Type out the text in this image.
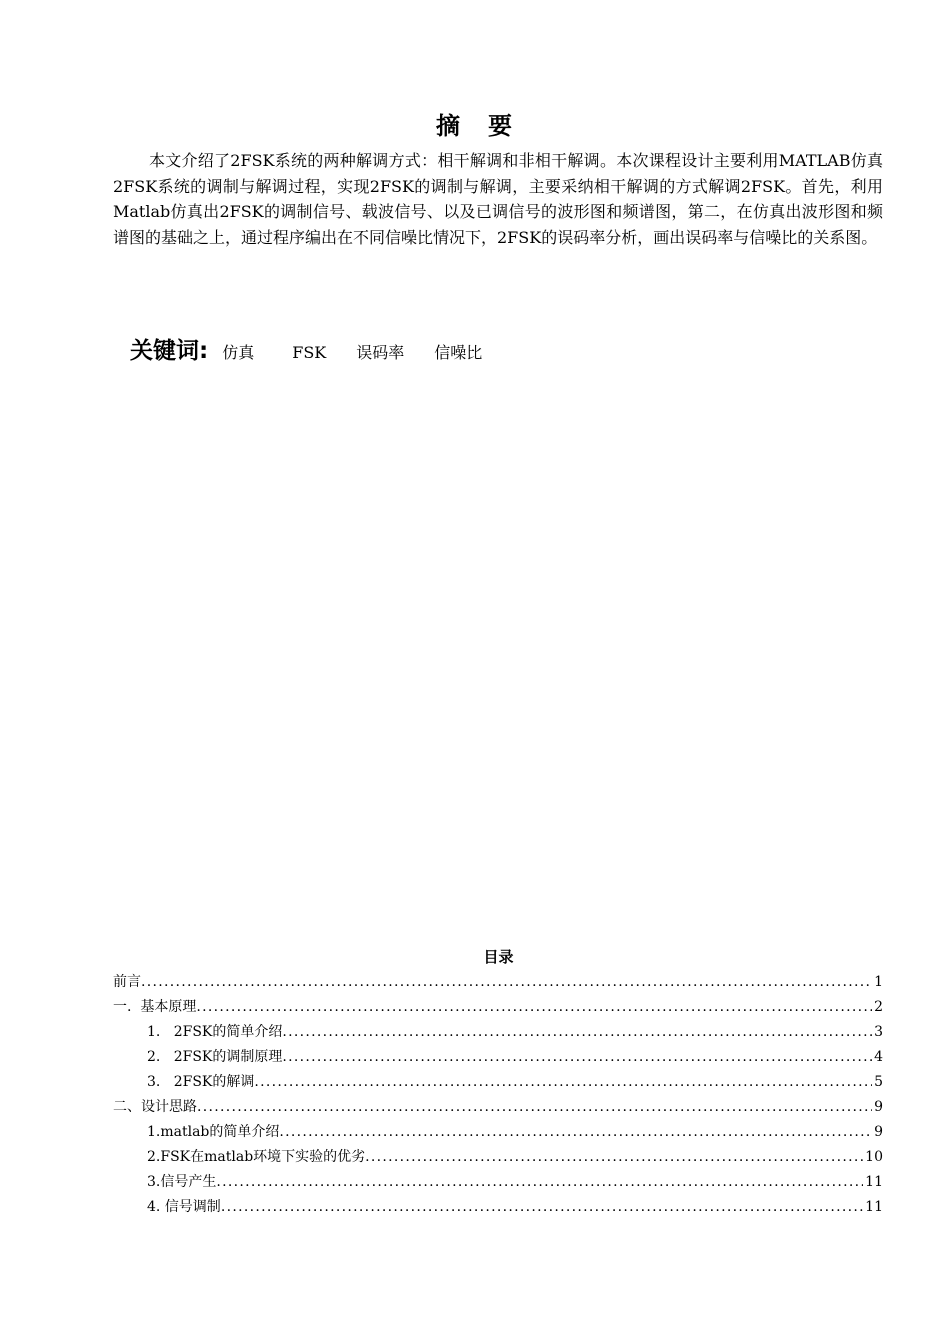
摘　要
本文介绍了2FSK系统的两种解调方式：相干解调和非相干解调。本次课程设计主要利用MATLAB仿真2FSK系统的调制与解调过程，实现2FSK的调制与解调，主要采纳相干解调的方式解调2FSK。首先，利用Matlab仿真出2FSK的调制信号、载波信号、以及已调信号的波形图和频谱图，第二，在仿真出波形图和频谱图的基础之上，通过程序编出在不同信噪比情况下，2FSK的误码率分析，画出误码率与信噪比的关系图。
关键词: 仿真 FSK 误码率 信噪比
目录
前言 .....	1
一.  基本原理 .....	2
1.   2FSK的简单介绍 .....	3
2.   2FSK的调制原理 .....	4
3.   2FSK的解调 .....	5
二、设计思路 .....	9
1.matlab的简单介绍 .....	9
2.FSK在matlab环境下实验的优劣 .....	10
3.信号产生 .....	11
4. 信号调制 .....	11
